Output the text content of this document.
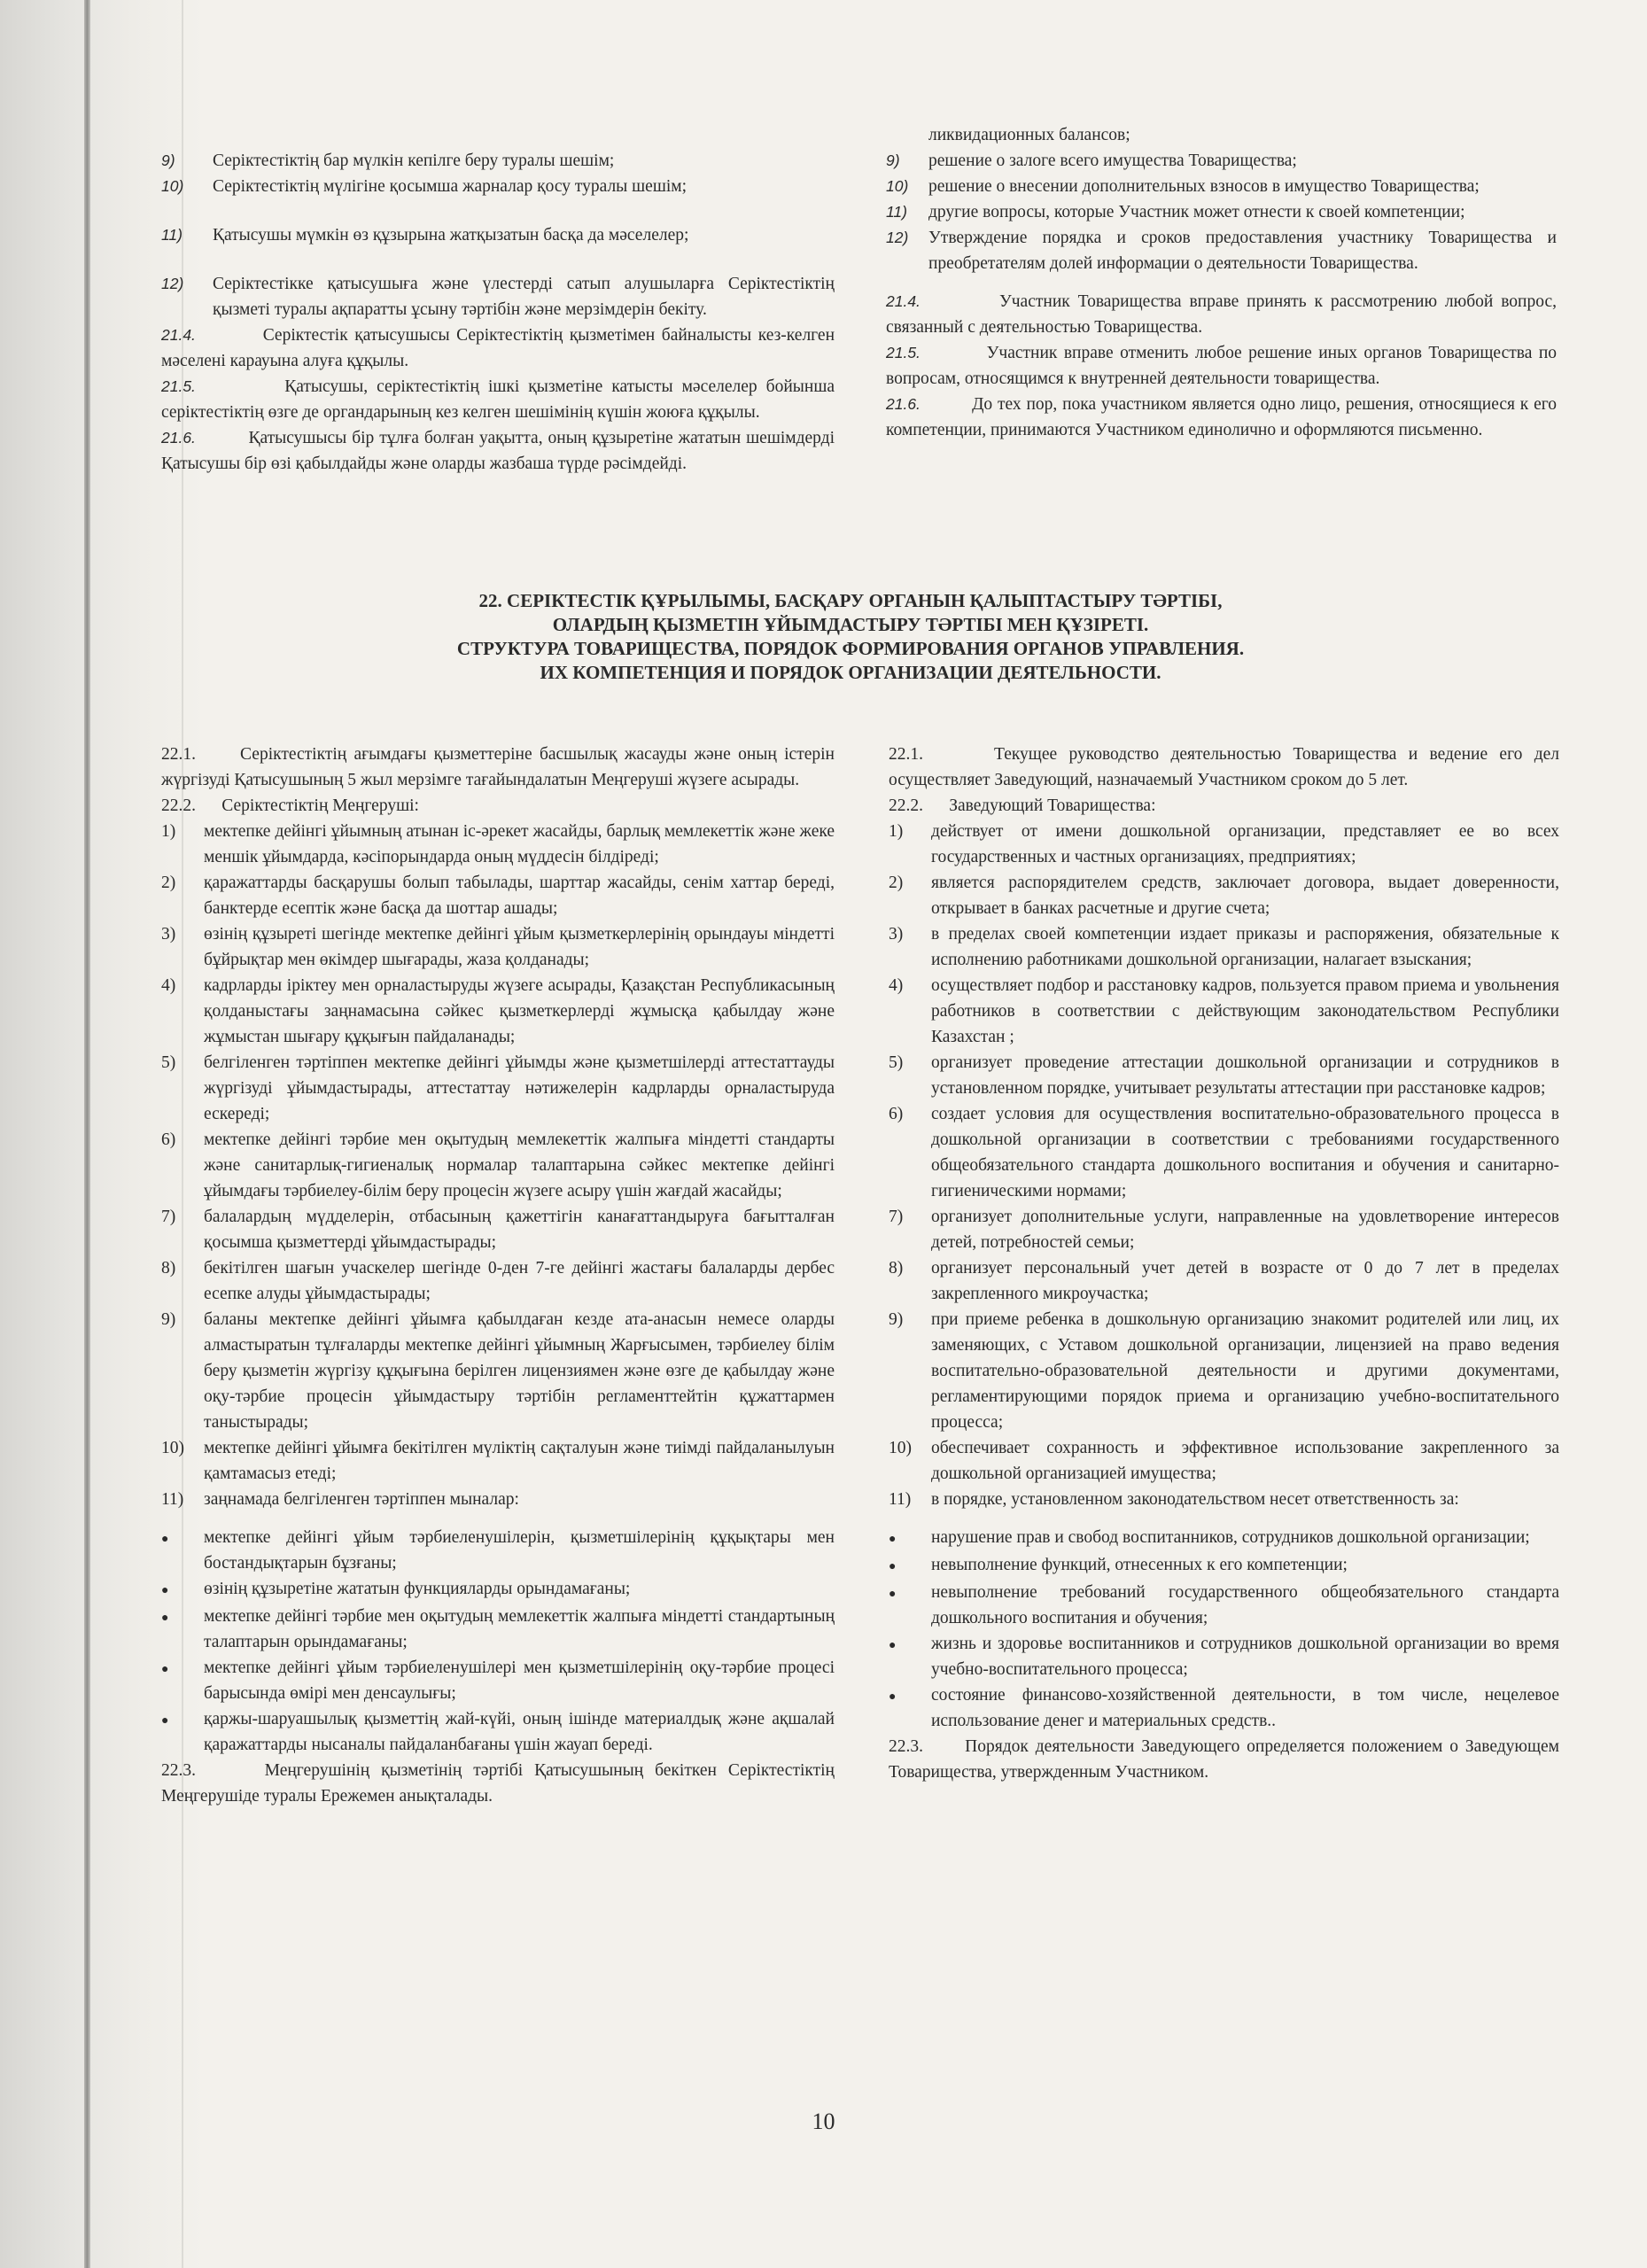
9)	Серіктестіктің бар мүлкін кепілге беру туралы шешім;
10)	Серіктестіктің мүлігіне қосымша жарналар қосу туралы шешім;
11)	Қатысушы мүмкін өз құзырына жатқызатын басқа да мәселелер;
12)	Серіктестікке қатысушыға және үлестерді сатып алушыларға Серіктестіктің қызметі туралы ақпаратты ұсыну тәртібін және мерзімдерін бекіту.

21.4.	Серіктестік қатысушысы Серіктестіктің қызметімен байналысты кез-келген мәселені карауына алуға құқылы.

21.5.	Қатысушы, серіктестіктің ішкі қызметіне катысты мәселелер бойынша серіктестіктің өзге де органдарының кез келген шешімінің күшін жоюға құқылы.

21.6.	Қатысушысы бір тұлға болған уақытта, оның құзыретіне жататын шешімдерді Қатысушы бір өзі қабылдайды және оларды жазбаша түрде рәсімдейді.

ликвидационных балансов;

9)	решение о залоге всего имущества Товарищества;
10)	решение о внесении дополнительных взносов в имущество Товарищества;
11)	другие вопросы, которые Участник может отнести к своей компетенции;
12)	Утверждение порядка и сроков предоставления участнику Товарищества и преобретателям долей информации о деятельности Товарищества.

21.4.	Участник Товарищества вправе принять к рассмотрению любой вопрос, связанный с деятельностью Товарищества.

21.5.	Участник вправе отменить любое решение иных органов Товарищества по вопросам, относящимся к внутренней деятельности товарищества.

21.6.	До тех пор, пока участником является одно лицо, решения, относящиеся к его компетенции, принимаются Участником единолично и оформляются письменно.

22. СЕРІКТЕСТІК ҚҰРЫЛЫМЫ, БАСҚАРУ ОРГАНЫН ҚАЛЫПТАСТЫРУ ТӘРТІБІ,
ОЛАРДЫҢ ҚЫЗМЕТІН ҰЙЫМДАСТЫРУ ТӘРТІБІ МЕН ҚҰЗІРЕТІ.
СТРУКТУРА ТОВАРИЩЕСТВА, ПОРЯДОК ФОРМИРОВАНИЯ ОРГАНОВ УПРАВЛЕНИЯ.
ИХ КОМПЕТЕНЦИЯ И ПОРЯДОК ОРГАНИЗАЦИИ ДЕЯТЕЛЬНОСТИ.

22.1.      Серіктестіктің ағымдағы қызметтеріне басшылық жасауды және оның істерін жүргізуді Қатысушының 5 жыл мерзімге тағайындалатын Меңгеруші жүзеге асырады.

22.2.      Серіктестіктің Меңгеруші:

1)	мектепке дейінгі ұйымның атынан іс-әрекет жасайды, барлық мемлекеттік және жеке меншік ұйымдарда, кәсіпорындарда оның мүддесін білдіреді;
2)	қаражаттарды басқарушы болып табылады, шарттар жасайды, сенім хаттар береді, банктерде есептік және басқа да шоттар ашады;
3)	өзінің құзыреті шегінде мектепке дейінгі ұйым қызметкерлерінің орындауы міндетті бұйрықтар мен өкімдер шығарады, жаза қолданады;
4)	кадрларды іріктеу мен орналастыруды жүзеге асырады, Қазақстан Республикасының қолданыстағы заңнамасына сәйкес қызметкерлерді жұмысқа қабылдау және жұмыстан шығару құқығын пайдаланады;
5)	белгіленген тәртіппен мектепке дейінгі ұйымды және қызметшілерді аттестаттауды жүргізуді ұйымдастырады, аттестаттау нәтижелерін кадрларды орналастыруда ескереді;
6)	мектепке дейінгі тәрбие мен оқытудың мемлекеттік жалпыға міндетті стандарты және санитарлық-гигиеналық нормалар талаптарына сәйкес мектепке дейінгі ұйымдағы тәрбиелеу-білім беру процесін жүзеге асыру үшін жағдай жасайды;
7)	балалардың мүдделерін, отбасының қажеттігін канағаттандыруға бағытталған қосымша қызметтерді ұйымдастырады;
8)	бекітілген шағын учаскелер шегінде 0-ден 7-ге дейінгі жастағы балаларды дербес есепке алуды ұйымдастырады;
9)	баланы мектепке дейінгі ұйымға қабылдаған кезде ата-анасын немесе оларды алмастыратын тұлғаларды мектепке дейінгі ұйымның Жарғысымен, тәрбиелеу білім беру қызметін жүргізу құқығына берілген лицензиямен және өзге де қабылдау және оқу-тәрбие процесін ұйымдастыру тәртібін регламенттейтін құжаттармен таныстырады;
10)	мектепке дейінгі ұйымға бекітілген мүліктің сақталуын және тиімді пайдаланылуын қамтамасыз етеді;
11)	заңнамада белгіленген тәртіппен мыналар:
●	мектепке дейінгі ұйым тәрбиеленушілерін, қызметшілерінің құқықтары мен бостандықтарын бұзғаны;
●	өзінің құзыретіне жататын функцияларды орындамағаны;
●	мектепке дейінгі тәрбие мен оқытудың мемлекеттік жалпыға міндетті стандартының талаптарын орындамағаны;
●	мектепке дейінгі ұйым тәрбиеленушілері мен қызметшілерінің оқу-тәрбие процесі барысында өмірі мен денсаулығы;
●	қаржы-шаруашылық қызметтің жай-күйі, оның ішінде материалдық және ақшалай қаражаттарды нысаналы пайдаланбағаны үшін жауап береді.

22.3.      Меңгерушінің қызметінің тәртібі Қатысушының бекіткен Серіктестіктің Меңгерушіде туралы Ережемен анықталады.

22.1.      Текущее руководство деятельностью Товарищества и ведение его дел осуществляет Заведующий, назначаемый Участником сроком до 5 лет.

22.2.      Заведующий Товарищества:

1)	действует от имени дошкольной организации, представляет ее во всех государственных и частных организациях, предприятиях;
2)	является распорядителем средств, заключает договора, выдает доверенности, открывает в банках расчетные и другие счета;
3)	в пределах своей компетенции издает приказы и распоряжения, обязательные к исполнению работниками дошкольной организации, налагает взыскания;
4)	осуществляет подбор и расстановку кадров, пользуется правом приема и увольнения работников в соответствии с действующим законодательством Республики Казахстан ;
5)	организует проведение аттестации дошкольной организации и сотрудников в установленном порядке, учитывает результаты аттестации при расстановке кадров;
6)	создает условия для осуществления воспитательно-образовательного процесса в дошкольной организации в соответствии с требованиями государственного общеобязательного стандарта дошкольного воспитания и обучения и санитарно-гигиеническими нормами;
7)	организует дополнительные услуги, направленные на удовлетворение интересов детей, потребностей семьи;
8)	организует персональный учет детей в возрасте от 0 до 7 лет в пределах закрепленного микроучастка;
9)	при приеме ребенка в дошкольную организацию знакомит родителей или лиц, их заменяющих, с Уставом дошкольной организации, лицензией на право ведения воспитательно-образовательной деятельности и другими документами, регламентирующими порядок приема и организацию учебно-воспитательного процесса;
10)	обеспечивает сохранность и эффективное использование закрепленного за дошкольной организацией имущества;
11)	в порядке, установленном законодательством несет ответственность за:
●	нарушение прав и свобод воспитанников, сотрудников дошкольной организации;
●	невыполнение функций, отнесенных к его компетенции;
●	невыполнение требований государственного общеобязательного стандарта дошкольного воспитания и обучения;
●	жизнь и здоровье воспитанников и сотрудников дошкольной организации во время учебно-воспитательного процесса;
●	состояние финансово-хозяйственной деятельности, в том числе, нецелевое использование денег и материальных средств..

22.3.      Порядок деятельности Заведующего определяется положением о Заведующем Товарищества, утвержденным Участником.

10
